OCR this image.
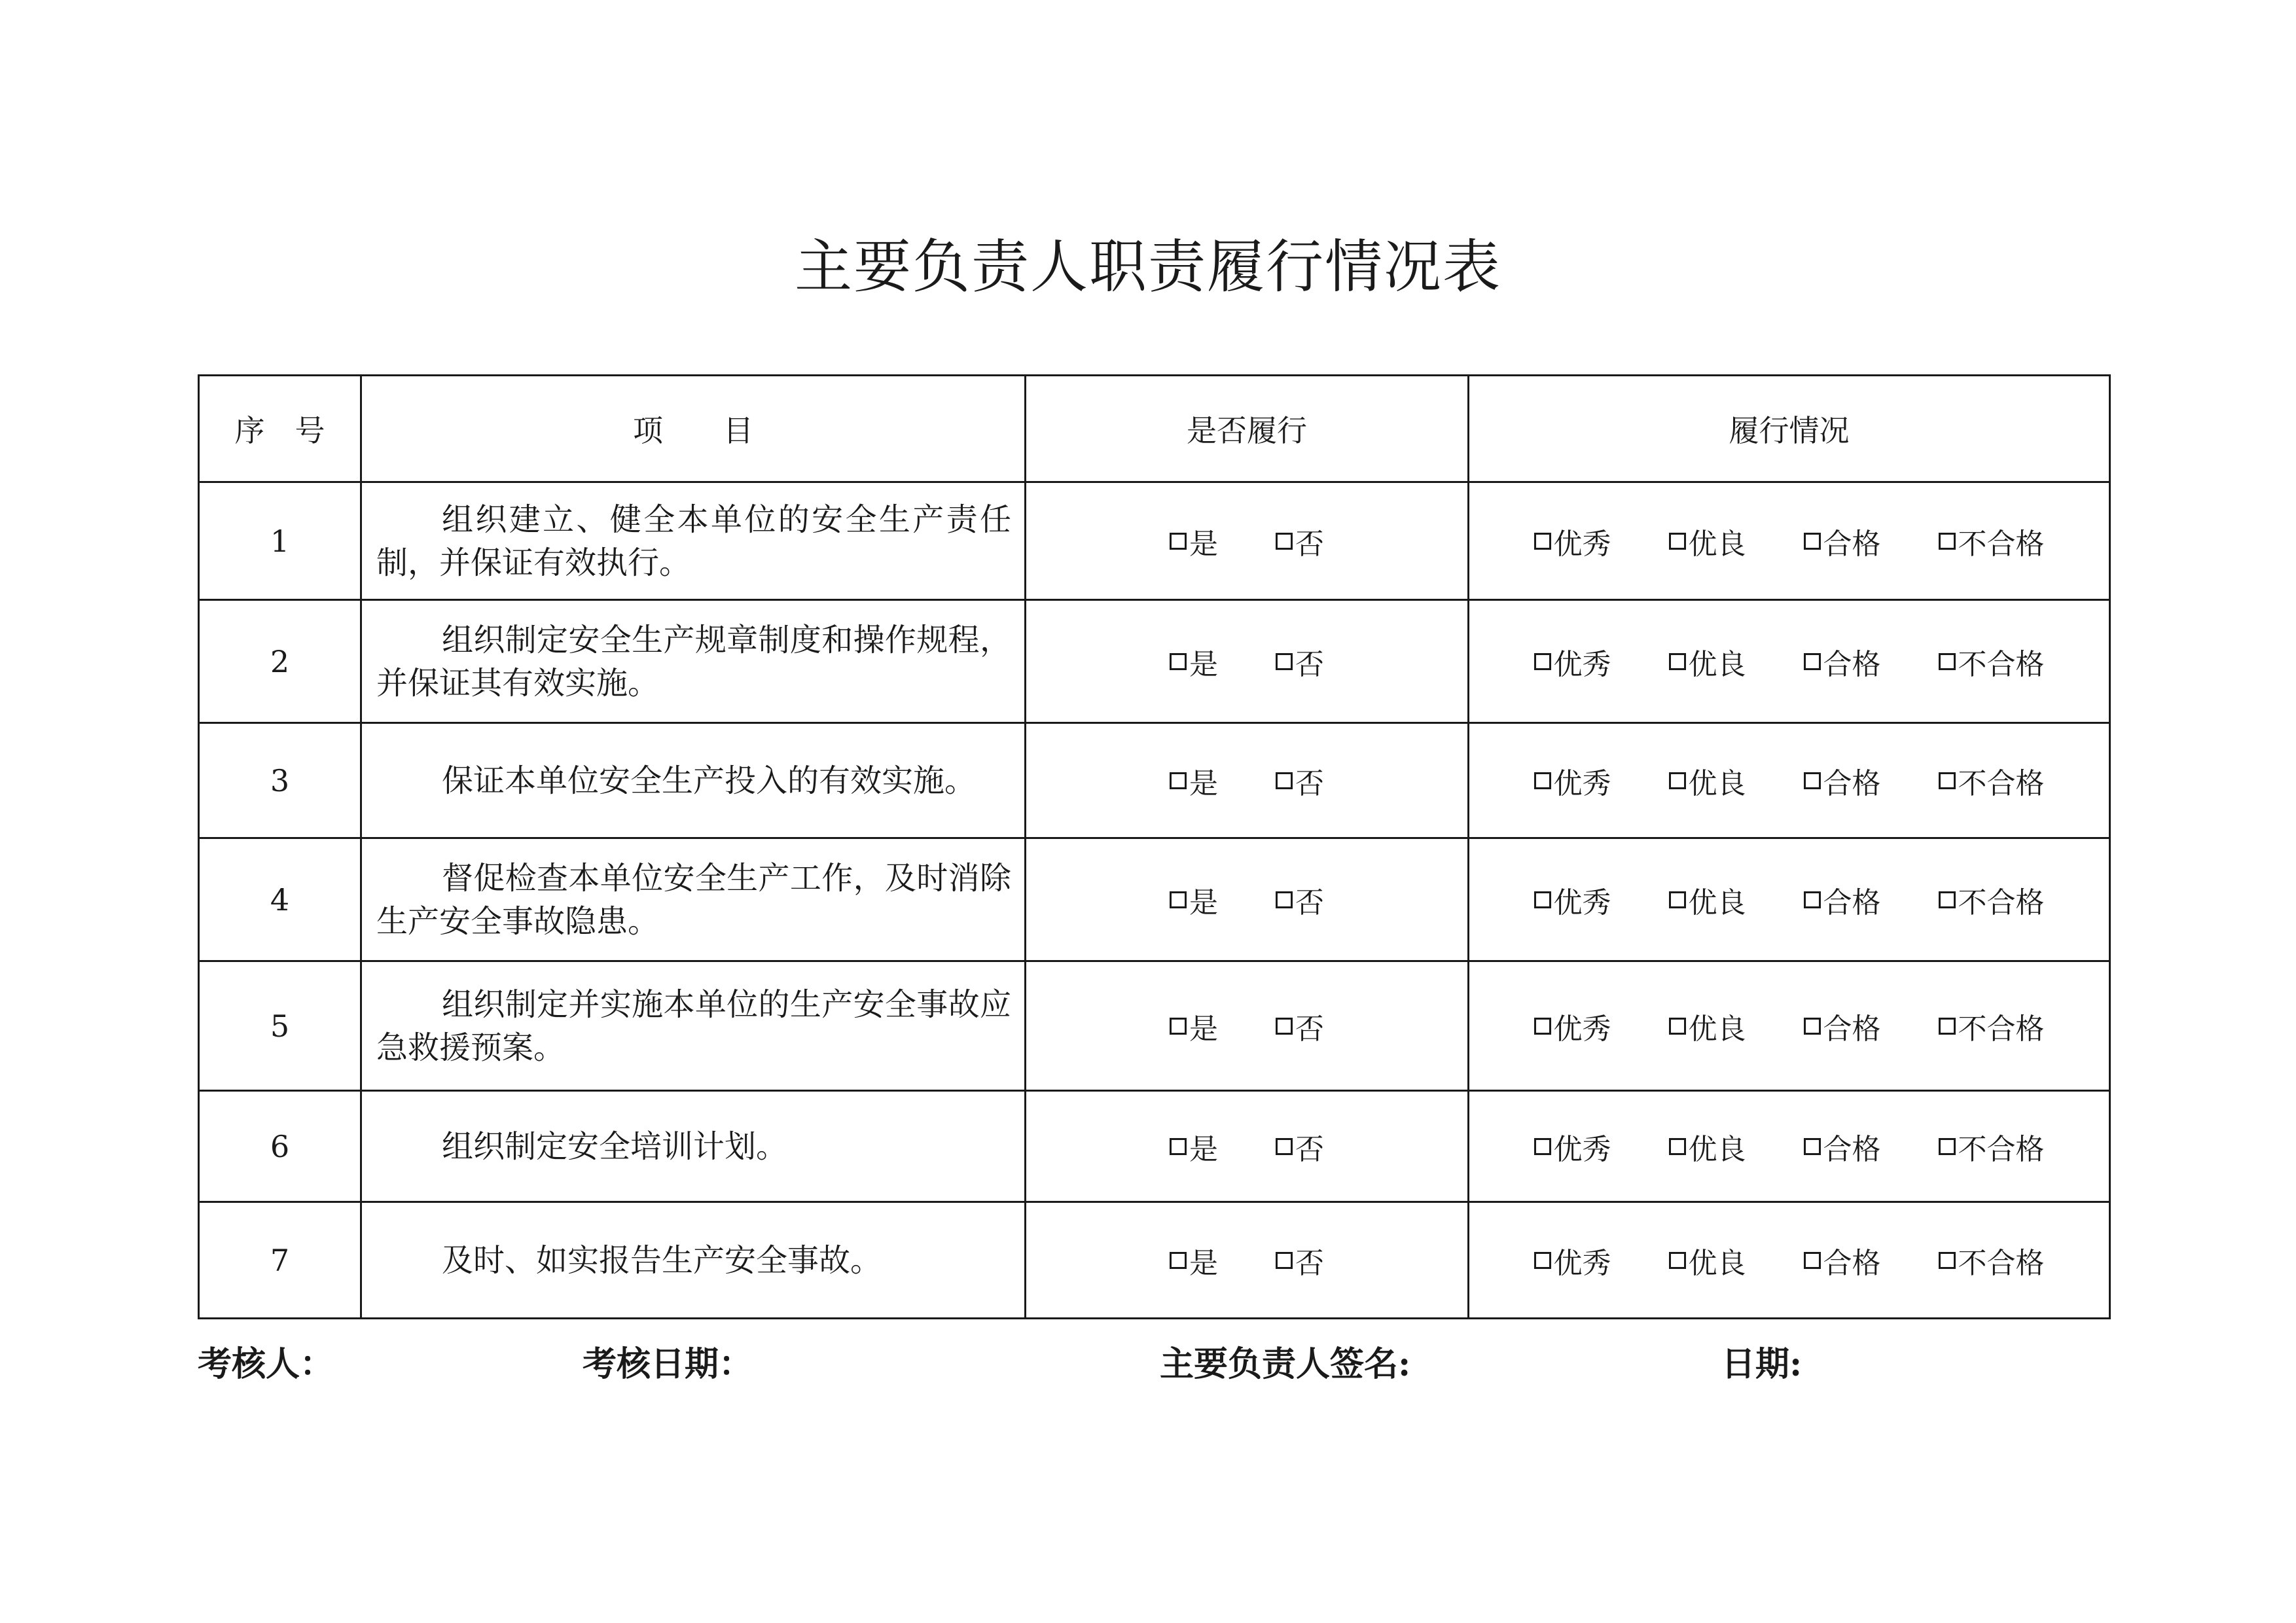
主要负责人职责履行情况表
序　号	项　　目	是否履行	履行情况
1	组织建立、健全本单位的安全生产责任制，并保证有效执行。	是 否	优秀 优良 合格 不合格

2	组织制定安全生产规章制度和操作规程，并保证其有效实施。	是 否	优秀 优良 合格 不合格

3	保证本单位安全生产投入的有效实施。	是 否	优秀 优良 合格 不合格

4	督促检查本单位安全生产工作，及时消除生产安全事故隐患。	是 否	优秀 优良 合格 不合格

5	组织制定并实施本单位的生产安全事故应急救援预案。	是 否	优秀 优良 合格 不合格

6	组织制定安全培训计划。	是 否	优秀 优良 合格 不合格

7	及时、如实报告生产安全事故。	是 否	优秀 优良 合格 不合格
考核人：	考核日期：	主要负责人签名:	日期:
